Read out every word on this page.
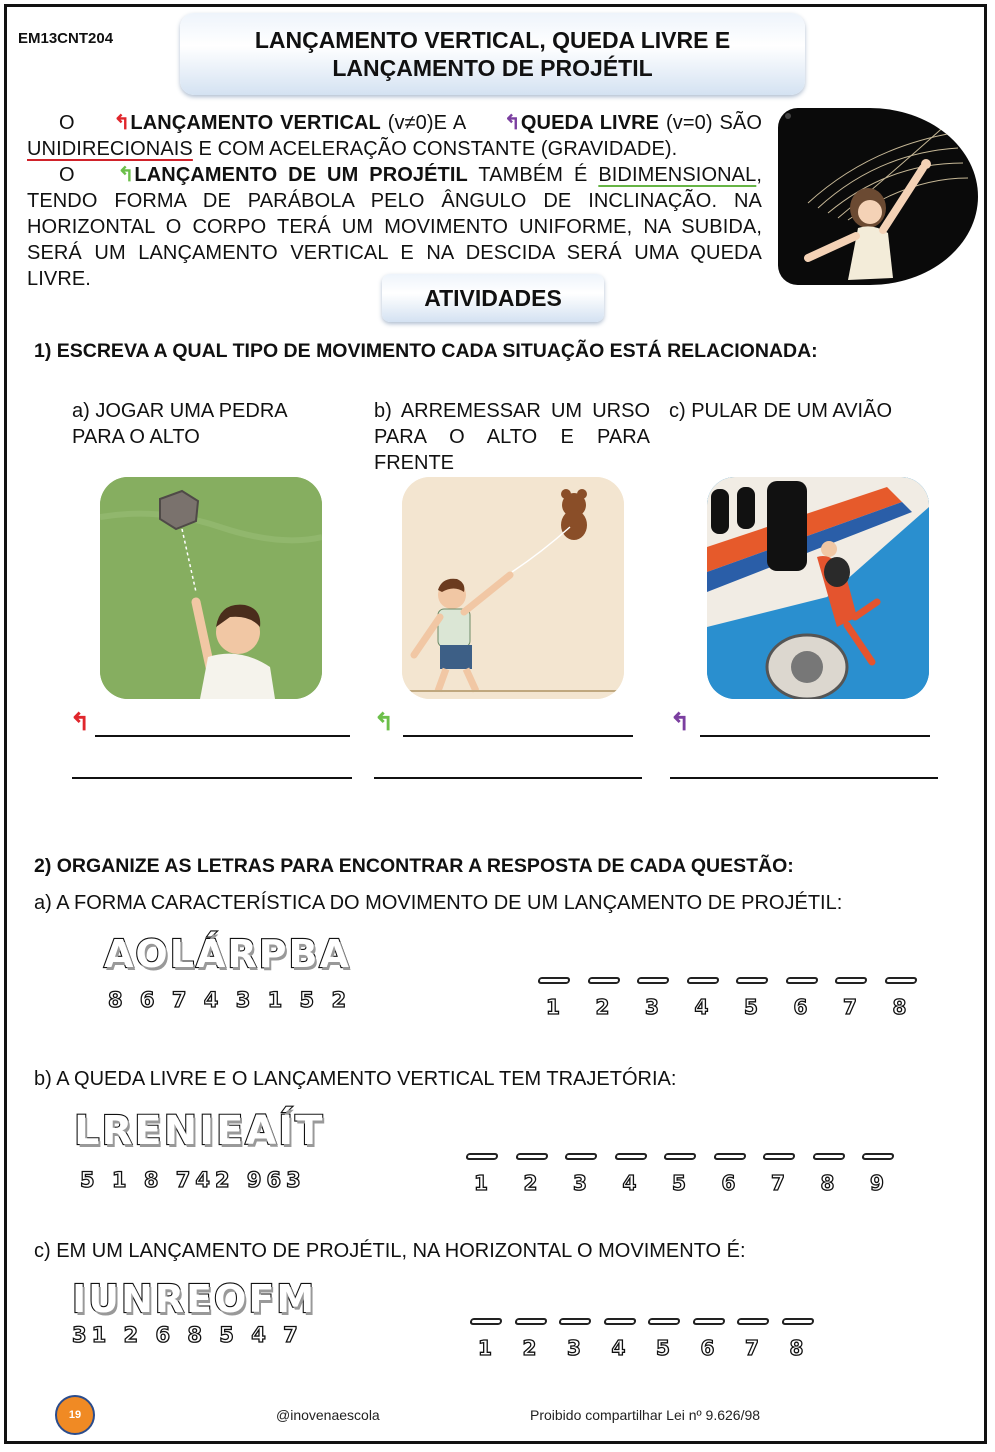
EM13CNT204	LANÇAMENTO VERTICAL, QUEDA LIVRE E
LANÇAMENTO DE PROJÉTIL

O ↰LANÇAMENTO VERTICAL (v≠0)E A ↰QUEDA LIVRE (v=0) SÃO UNIDIRECIONAIS E COM ACELERAÇÃO CONSTANTE (GRAVIDADE).

O ↰LANÇAMENTO DE UM PROJÉTIL TAMBÉM É BIDIMENSIONAL, TENDO FORMA DE PARÁBOLA PELO ÂNGULO DE INCLINAÇÃO. NA HORIZONTAL O CORPO TERÁ UM MOVIMENTO UNIFORME, NA SUBIDA, SERÁ UM LANÇAMENTO VERTICAL E NA DESCIDA SERÁ UMA QUEDA LIVRE.

ATIVIDADES
1) ESCREVA A QUAL TIPO DE MOVIMENTO CADA SITUAÇÃO ESTÁ RELACIONADA:
a) JOGAR UMA PEDRA PARA O ALTO
b) ARREMESSAR UM URSO PARA O ALTO E PARA FRENTE
c) PULAR DE UM AVIÃO
↰	↰	↰
2) ORGANIZE AS LETRAS PARA ENCONTRAR A RESPOSTA DE CADA QUESTÃO:
a) A FORMA CARACTERÍSTICA DO MOVIMENTO DE UM LANÇAMENTO DE PROJÉTIL:
AOLÁRPBA
8 6 7 4 3 1 5 2	1	2	3	4	5	6	7	8
b) A QUEDA LIVRE E O LANÇAMENTO VERTICAL TEM TRAJETÓRIA:
LRENIEAÍT
5 1 8 742 963	1	2	3	4	5	6	7	8	9
c) EM UM LANÇAMENTO DE PROJÉTIL, NA HORIZONTAL O MOVIMENTO É:
IUNREOFM
31 2 6 8 5 4 7
1	2	3	4	5	6	7	8
19	@inovenaescola	Proibido compartilhar Lei nº 9.626/98
